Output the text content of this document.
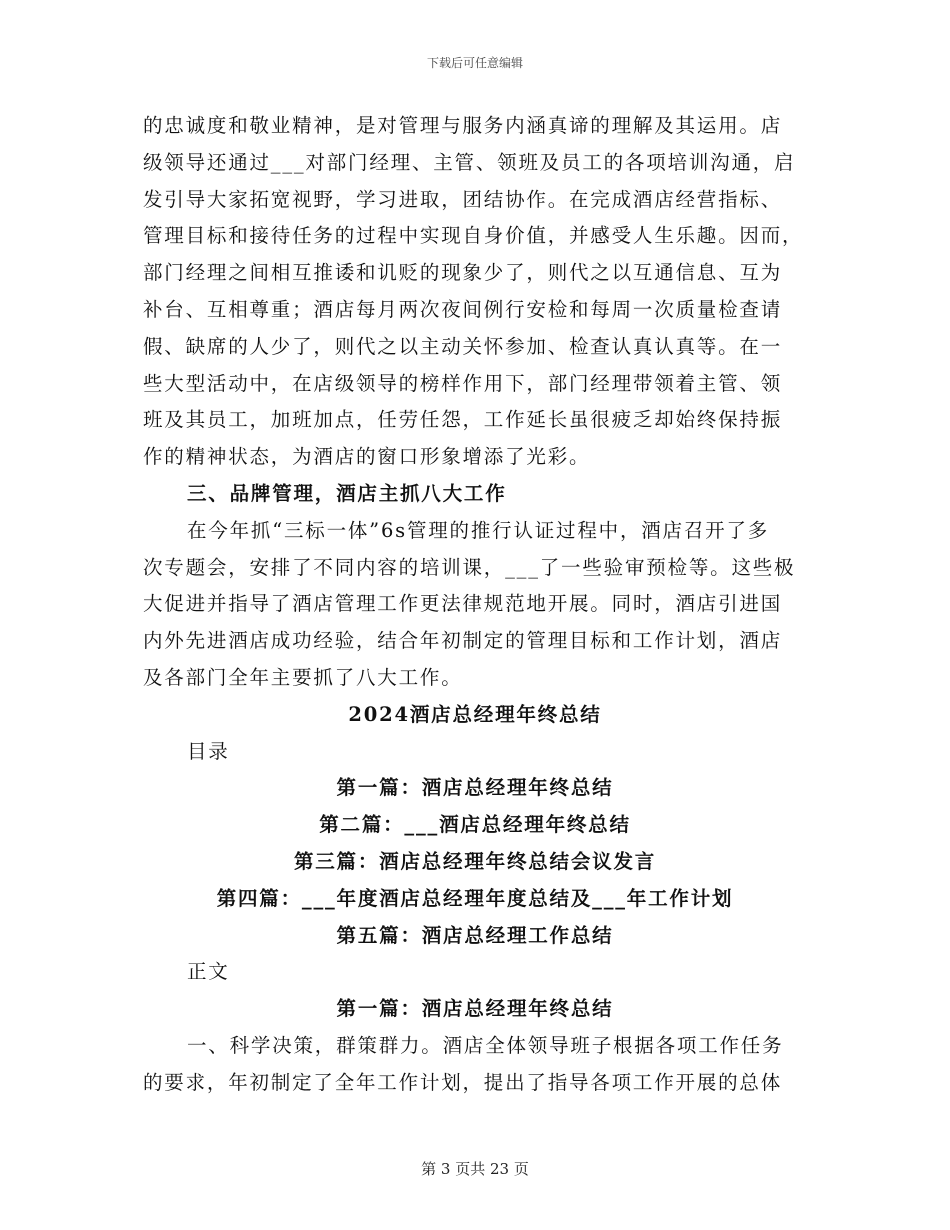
下载后可任意编辑

的忠诚度和敬业精神，是对管理与服务内涵真谛的理解及其运用。店
级领导还通过___对部门经理、主管、领班及员工的各项培训沟通，启
发引导大家拓宽视野，学习进取，团结协作。在完成酒店经营指标、
管理目标和接待任务的过程中实现自身价值，并感受人生乐趣。因而，
部门经理之间相互推诿和讥贬的现象少了，则代之以互通信息、互为
补台、互相尊重；酒店每月两次夜间例行安检和每周一次质量检查请
假、缺席的人少了，则代之以主动关怀参加、检查认真认真等。在一
些大型活动中，在店级领导的榜样作用下，部门经理带领着主管、领
班及其员工，加班加点，任劳任怨，工作延长虽很疲乏却始终保持振
作的精神状态，为酒店的窗口形象增添了光彩。

三、品牌管理，酒店主抓八大工作

在今年抓“三标一体”6s管理的推行认证过程中，酒店召开了多
次专题会，安排了不同内容的培训课，___了一些验审预检等。这些极
大促进并指导了酒店管理工作更法律规范地开展。同时，酒店引进国
内外先进酒店成功经验，结合年初制定的管理目标和工作计划，酒店
及各部门全年主要抓了八大工作。

2024酒店总经理年终总结

目录

第一篇：酒店总经理年终总结

第二篇：___酒店总经理年终总结

第三篇：酒店总经理年终总结会议发言

第四篇：___年度酒店总经理年度总结及___年工作计划

第五篇：酒店总经理工作总结

正文

第一篇：酒店总经理年终总结

一、科学决策，群策群力。酒店全体领导班子根据各项工作任务
的要求，年初制定了全年工作计划，提出了指导各项工作开展的总体

第 3 页共 23 页
